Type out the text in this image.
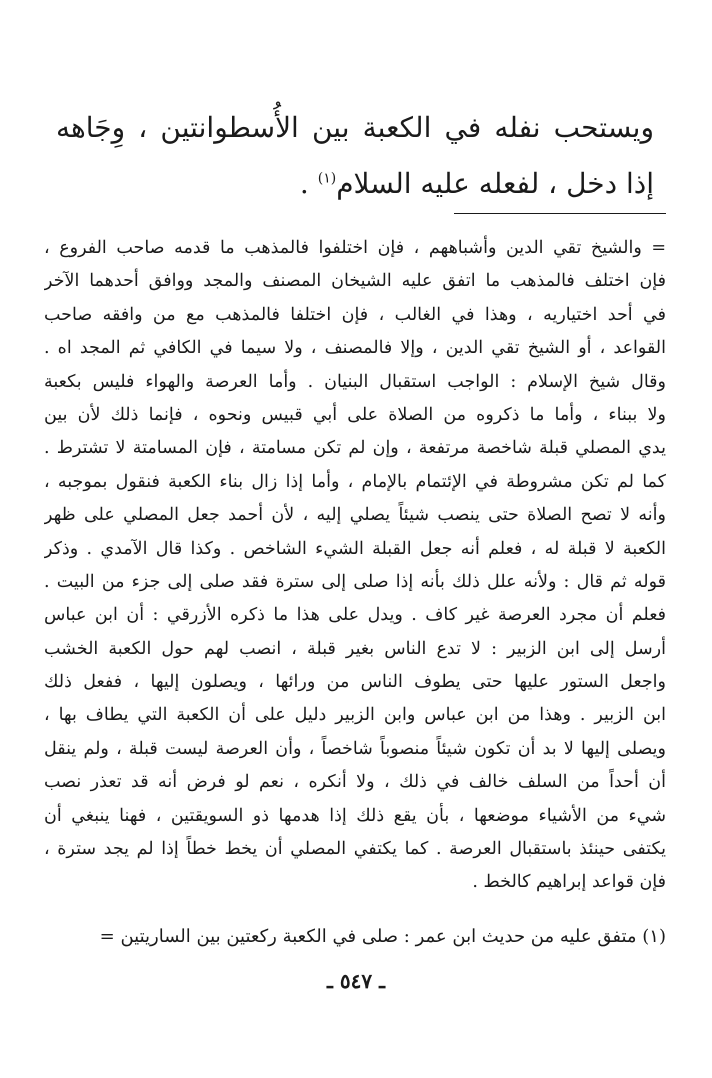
ويستحب نفله في الكعبة بين الأُسطوانتين ، وِجَاهه إذا دخل ، لفعله عليه السلام$^{(١)}$ .

= والشيخ تقي الدين وأشباههم ، فإن اختلفوا فالمذهب ما قدمه صاحب الفروع ،
فإن اختلف فالمذهب ما اتفق عليه الشيخان المصنف والمجد ووافق أحدهما الآخر
في أحد اختياريه ، وهذا في الغالب ، فإن اختلفا فالمذهب مع من وافقه صاحب
القواعد ، أو الشيخ تقي الدين ، وإلا فالمصنف ، ولا سيما في الكافي ثم المجد اه .
وقال شيخ الإسلام : الواجب استقبال البنيان . وأما العرصة والهواء فليس بكعبة
ولا ببناء ، وأما ما ذكروه من الصلاة على أبي قبيس ونحوه ، فإنما ذلك لأن بين
يدي المصلي قبلة شاخصة مرتفعة ، وإن لم تكن مسامتة ، فإن المسامتة لا تشترط .
كما لم تكن مشروطة في الإئتمام بالإمام ، وأما إذا زال بناء الكعبة فنقول بموجبه ،
وأنه لا تصح الصلاة حتى ينصب شيئاً يصلي إليه ، لأن أحمد جعل المصلي على ظهر
الكعبة لا قبلة له ، فعلم أنه جعل القبلة الشيء الشاخص . وكذا قال الآمدي . وذكر
قوله ثم قال : ولأنه علل ذلك بأنه إذا صلى إلى سترة فقد صلى إلى جزء من البيت .
فعلم أن مجرد العرصة غير كاف . ويدل على هذا ما ذكره الأزرقي : أن ابن عباس
أرسل إلى ابن الزبير : لا تدع الناس بغير قبلة ، انصب لهم حول الكعبة الخشب
واجعل الستور عليها حتى يطوف الناس من ورائها ، ويصلون إليها ، ففعل ذلك
ابن الزبير . وهذا من ابن عباس وابن الزبير دليل على أن الكعبة التي يطاف بها ،
ويصلى إليها لا بد أن تكون شيئاً منصوباً شاخصاً ، وأن العرصة ليست قبلة ، ولم ينقل
أن أحداً من السلف خالف في ذلك ، ولا أنكره ، نعم لو فرض أنه قد تعذر نصب
شيء من الأشياء موضعها ، بأن يقع ذلك إذا هدمها ذو السويقتين ، فهنا ينبغي أن
يكتفى حينئذ باستقبال العرصة . كما يكتفي المصلي أن يخط خطاً إذا لم يجد سترة ،
فإن قواعد إبراهيم كالخط .

(١) متفق عليه من حديث ابن عمر : صلى في الكعبة ركعتين بين الساريتين =

ـ ٥٤٧ ـ
